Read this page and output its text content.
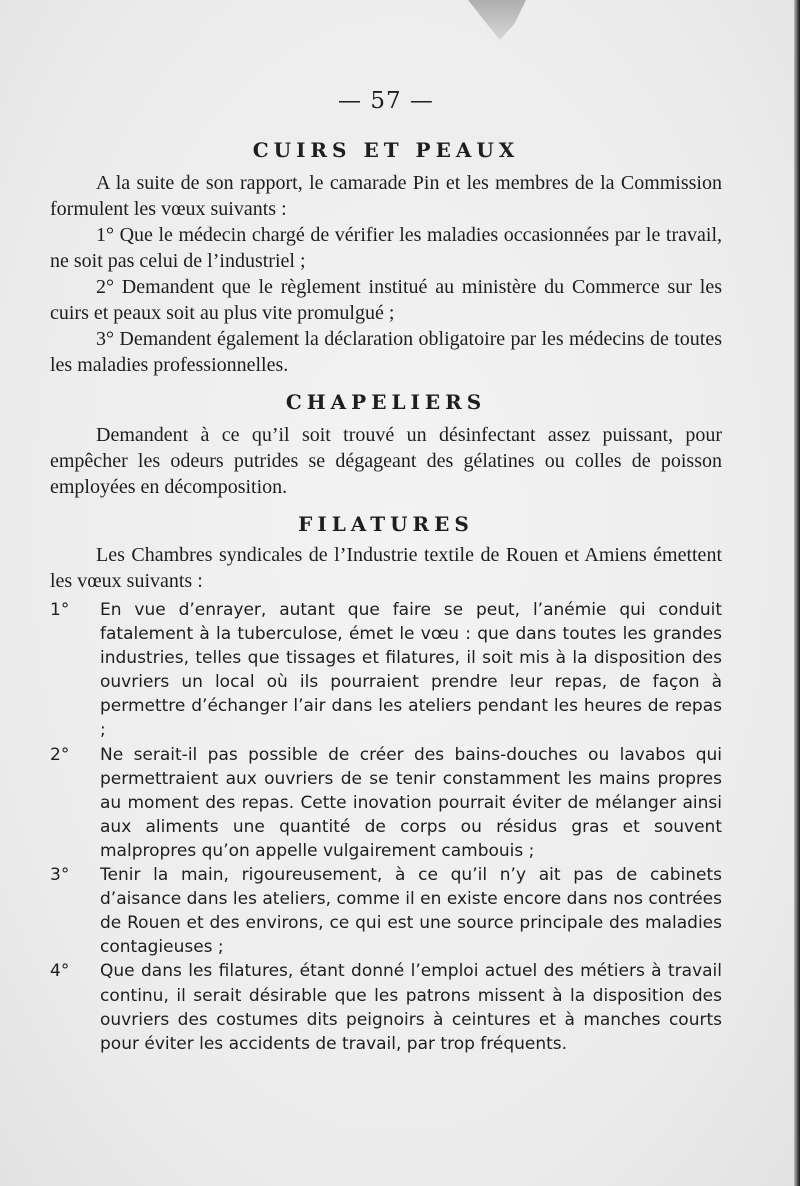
— 57 —

CUIRS ET PEAUX

A la suite de son rapport, le camarade Pin et les membres de la Commission formulent les vœux suivants :

1° Que le médecin chargé de vérifier les maladies occasionnées par le travail, ne soit pas celui de l’industriel ;

2° Demandent que le règlement institué au ministère du Commerce sur les cuirs et peaux soit au plus vite promulgué ;

3° Demandent également la déclaration obligatoire par les médecins de toutes les maladies professionnelles.

CHAPELIERS

Demandent à ce qu’il soit trouvé un désinfectant assez puissant, pour empêcher les odeurs putrides se dégageant des gélatines ou colles de poisson employées en décomposition.

FILATURES

Les Chambres syndicales de l’Industrie textile de Rouen et Amiens émettent les vœux suivants :

1°	En vue d’enrayer, autant que faire se peut, l’anémie qui conduit fatalement à la tuberculose, émet le vœu : que dans toutes les grandes industries, telles que tissages et filatures, il soit mis à la disposition des ouvriers un local où ils pourraient prendre leur repas, de façon à permettre d’échanger l’air dans les ateliers pendant les heures de repas ;
2°	Ne serait-il pas possible de créer des bains-douches ou lavabos qui permettraient aux ouvriers de se tenir constamment les mains propres au moment des repas. Cette inovation pourrait éviter de mélanger ainsi aux aliments une quantité de corps ou résidus gras et souvent malpropres qu’on appelle vulgairement cambouis ;
3°	Tenir la main, rigoureusement, à ce qu’il n’y ait pas de cabinets d’aisance dans les ateliers, comme il en existe encore dans nos contrées de Rouen et des environs, ce qui est une source principale des maladies contagieuses ;
4°	Que dans les filatures, étant donné l’emploi actuel des métiers à travail continu, il serait désirable que les patrons missent à la disposition des ouvriers des costumes dits peignoirs à ceintures et à manches courts pour éviter les accidents de travail, par trop fréquents.
